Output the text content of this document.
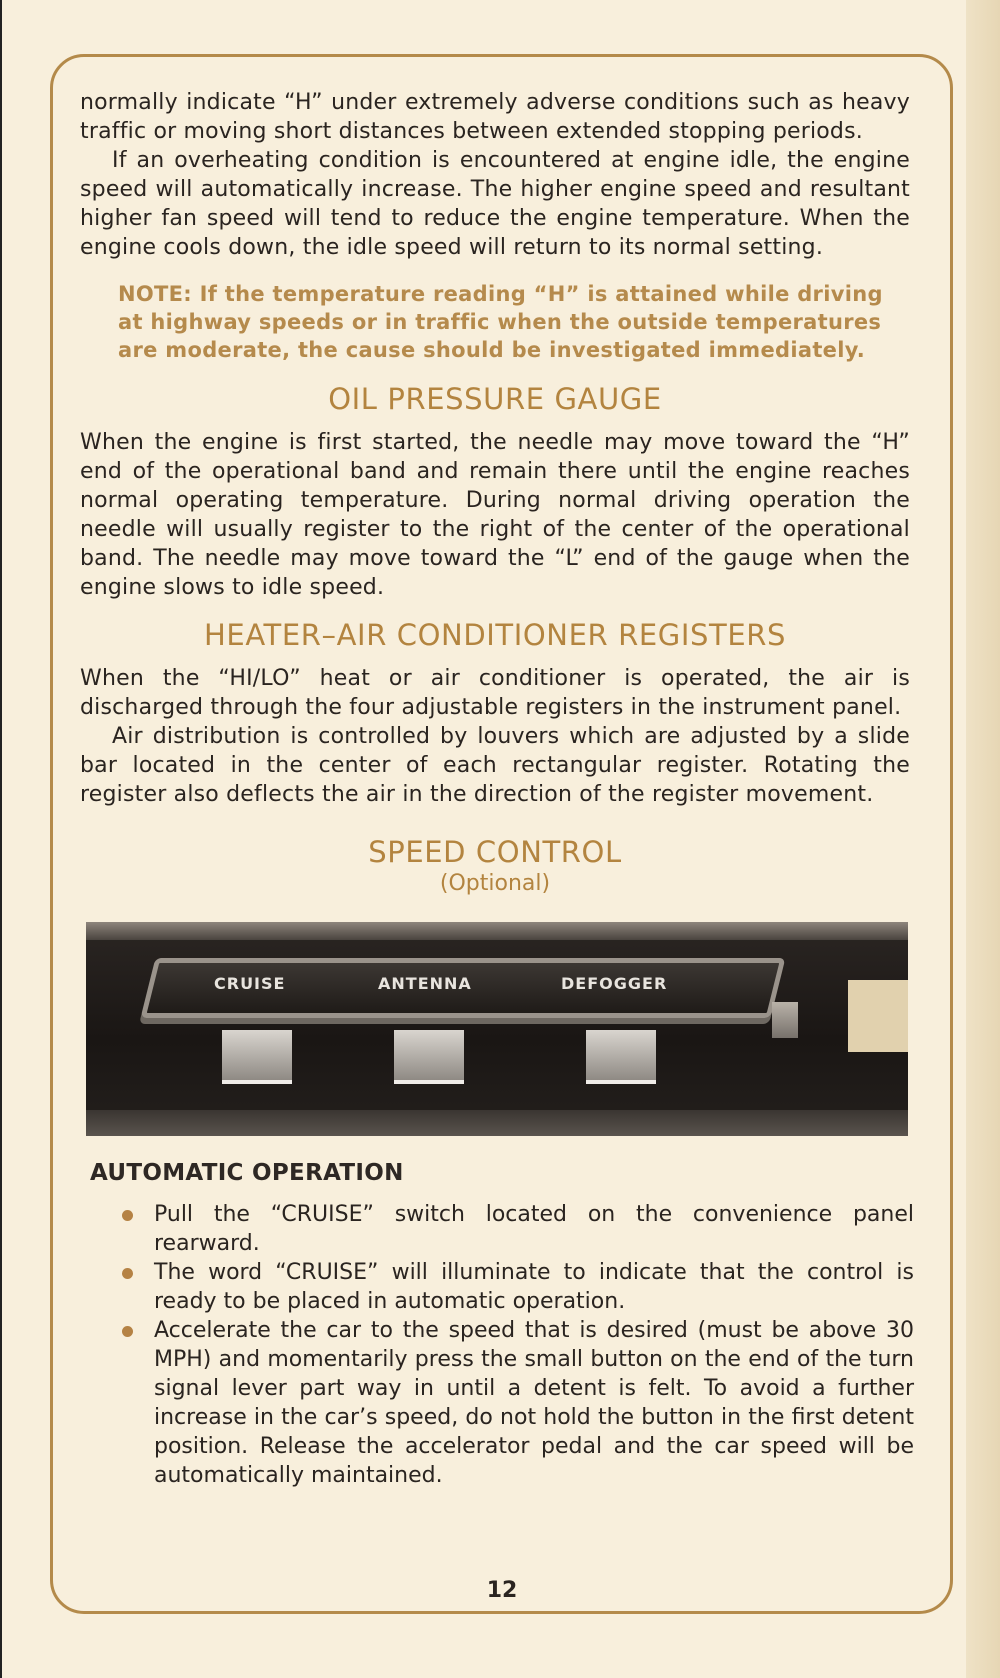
normally indicate “H” under extremely adverse conditions such as heavy traffic or moving short distances between extended stopping periods.

If an overheating condition is encountered at engine idle, the engine speed will automatically increase. The higher engine speed and resultant higher fan speed will tend to reduce the engine temperature. When the engine cools down, the idle speed will return to its normal setting.

NOTE: If the temperature reading “H” is attained while driving at highway speeds or in traffic when the outside temperatures are moderate, the cause should be investigated immediately.
OIL PRESSURE GAUGE

When the engine is first started, the needle may move toward the “H” end of the operational band and remain there until the engine reaches normal operating temperature. During normal driving operation the needle will usually register to the right of the center of the operational band. The needle may move toward the “L” end of the gauge when the engine slows to idle speed.

HEATER–AIR CONDITIONER REGISTERS

When the “HI/LO” heat or air conditioner is operated, the air is discharged through the four adjustable registers in the instrument panel.

Air distribution is controlled by louvers which are adjusted by a slide bar located in the center of each rectangular register. Rotating the register also deflects the air in the direction of the register movement.

SPEED CONTROL
(Optional)
CRUISE	ANTENNA	DEFOGGER
AUTOMATIC OPERATION
Pull the “CRUISE” switch located on the convenience panel rearward.
The word “CRUISE” will illuminate to indicate that the control is ready to be placed in automatic operation.
Accelerate the car to the speed that is desired (must be above 30 MPH) and momentarily press the small button on the end of the turn signal lever part way in until a detent is felt. To avoid a further increase in the car’s speed, do not hold the button in the first detent position. Release the accelerator pedal and the car speed will be automatically maintained.
12
